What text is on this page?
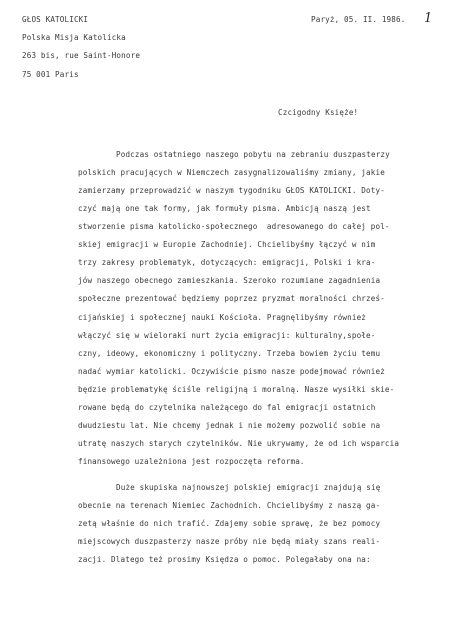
GŁOS KATOLICKI
Polska Misja Katolicka
263 bis, rue Saint-Honore
75 001 Paris
Paryż, 05. II. 1986. 1
Czcigodny Księże!
Podczas ostatniego naszego pobytu na zebraniu duszpasterzy
polskich pracujących w Niemczech zasygnalizowaliśmy zmiany, jakie
zamierzamy przeprowadzić w naszym tygodniku GŁOS KATOLICKI. Doty-
czyć mają one tak formy, jak formuły pisma. Ambicją naszą jest
stworzenie pisma katolicko-społecznego  adresowanego do całej pol-
skiej emigracji w Europie Zachodniej. Chcielibyśmy łączyć w nim
trzy zakresy problematyk, dotyczących: emigracji, Polski i kra-
jów naszego obecnego zamieszkania. Szeroko rozumiane zagadnienia
społeczne prezentować będziemy poprzez pryzmat moralności chrześ-
cijańskiej i społecznej nauki Kościoła. Pragnęlibyśmy również
włączyć się w wieloraki nurt życia emigracji: kulturalny,społe-
czny, ideowy, ekonomiczny i polityczny. Trzeba bowiem życiu temu
nadać wymiar katolicki. Oczywiście pismo nasze podejmować również
będzie problematykę ściśle religijną i moralną. Nasze wysiłki skie-
rowane będą do czytelnika należącego do fal emigracji ostatnich
dwudziestu lat. Nie chcemy jednak i nie możemy pozwolić sobie na
utratę naszych starych czytelników. Nie ukrywamy, że od ich wsparcia
finansowego uzależniona jest rozpoczęta reforma.
Duże skupiska najnowszej polskiej emigracji znajdują się
obecnie na terenach Niemiec Zachodnich. Chcielibyśmy z naszą ga-
zetą właśnie do nich trafić. Zdajemy sobie sprawę, że bez pomocy
miejscowych duszpasterzy nasze próby nie będą miały szans reali-
zacji. Dlatego też prosimy Księdza o pomoc. Polegałaby ona na:
